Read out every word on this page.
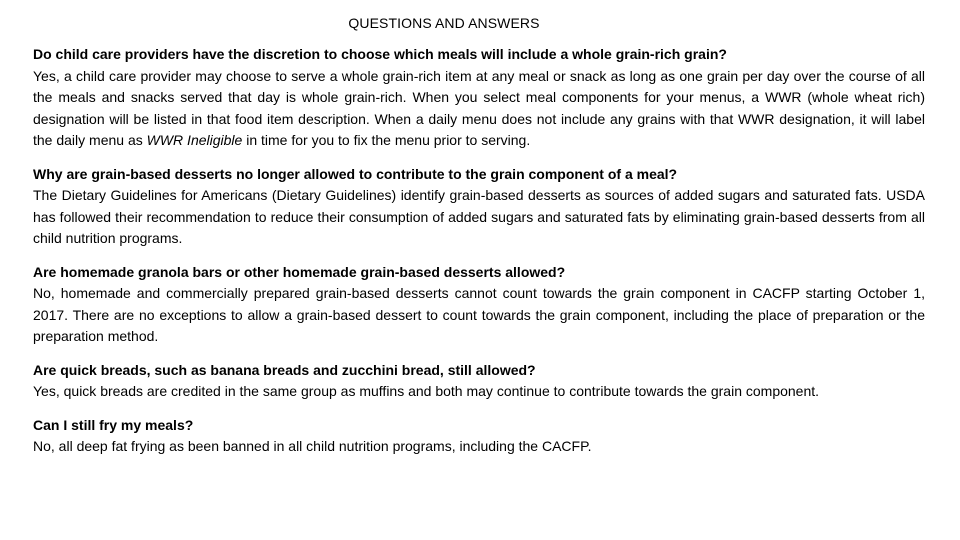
QUESTIONS AND ANSWERS

Do child care providers have the discretion to choose which meals will include a whole grain-rich grain?

Yes, a child care provider may choose to serve a whole grain-rich item at any meal or snack as long as one grain per day over the course of all the meals and snacks served that day is whole grain-rich. When you select meal components for your menus, a WWR (whole wheat rich) designation will be listed in that food item description. When a daily menu does not include any grains with that WWR designation, it will label the daily menu as WWR Ineligible in time for you to fix the menu prior to serving.

Why are grain-based desserts no longer allowed to contribute to the grain component of a meal?

The Dietary Guidelines for Americans (Dietary Guidelines) identify grain-based desserts as sources of added sugars and saturated fats. USDA has followed their recommendation to reduce their consumption of added sugars and saturated fats by eliminating grain-based desserts from all child nutrition programs.

Are homemade granola bars or other homemade grain-based desserts allowed?

No, homemade and commercially prepared grain-based desserts cannot count towards the grain component in CACFP starting October 1, 2017. There are no exceptions to allow a grain-based dessert to count towards the grain component, including the place of preparation or the preparation method.

Are quick breads, such as banana breads and zucchini bread, still allowed?

Yes, quick breads are credited in the same group as muffins and both may continue to contribute towards the grain component.

Can I still fry my meals?

No, all deep fat frying as been banned in all child nutrition programs, including the CACFP.
